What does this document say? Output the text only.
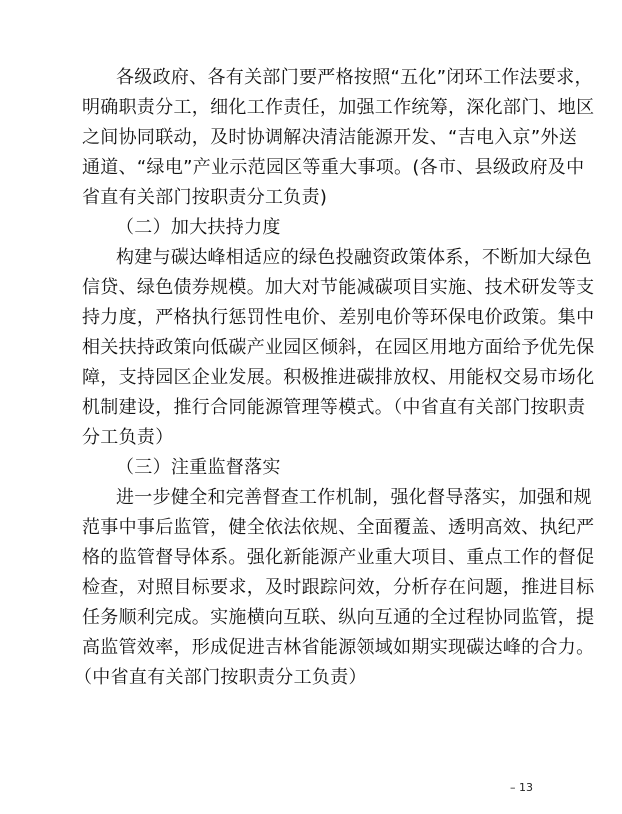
各级政府、各有关部门要严格按照“五化”闭环工作法要求，
明确职责分工，细化工作责任，加强工作统筹，深化部门、地区
之间协同联动，及时协调解决清洁能源开发、“吉电入京”外送
通道、“绿电”产业示范园区等重大事项。(各市、县级政府及中
省直有关部门按职责分工负责)
（二）加大扶持力度
构建与碳达峰相适应的绿色投融资政策体系，不断加大绿色
信贷、绿色债券规模。加大对节能减碳项目实施、技术研发等支
持力度，严格执行惩罚性电价、差别电价等环保电价政策。集中
相关扶持政策向低碳产业园区倾斜，在园区用地方面给予优先保
障，支持园区企业发展。积极推进碳排放权、用能权交易市场化
机制建设，推行合同能源管理等模式。（中省直有关部门按职责
分工负责）
（三）注重监督落实
进一步健全和完善督查工作机制，强化督导落实，加强和规
范事中事后监管，健全依法依规、全面覆盖、透明高效、执纪严
格的监管督导体系。强化新能源产业重大项目、重点工作的督促
检查，对照目标要求，及时跟踪问效，分析存在问题，推进目标
任务顺利完成。实施横向互联、纵向互通的全过程协同监管，提
高监管效率，形成促进吉林省能源领域如期实现碳达峰的合力。
（中省直有关部门按职责分工负责）
– 13
